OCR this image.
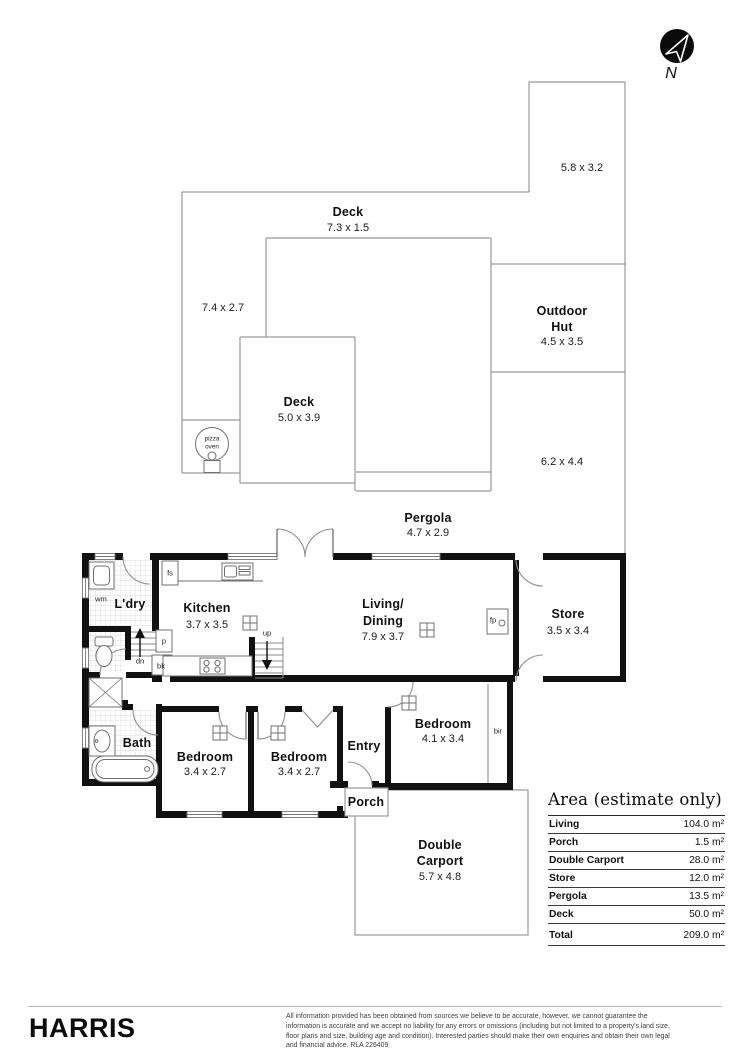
5.8 x 3.2
Deck
7.3 x 1.5
7.4 x 2.7	Outdoor
Hut
4.5 x 3.5
Deck
5.0 x 3.9
6.2 x 4.4
Pergola
4.7 x 2.9
pizza
oven
L'dry
wm
fs
Kitchen
3.7 x 3.5
p
bk
up
dn
Living/
Dining
7.9 x 3.7
fp	Store
3.5 x 3.4
Bath
Bedroom
3.4 x 2.7
Bedroom
3.4 x 2.7
Bedroom
4.1 x 3.4
bir
Entry
Porch
Double
Carport
5.7 x 4.8
N
Area (estimate only)
Living	104.0 m²
Porch	1.5 m²
Double Carport	28.0 m²
Store	12.0 m²
Pergola	13.5 m²
Deck	50.0 m²
Total	209.0 m²
HARRIS	All information provided has been obtained from sources we believe to be accurate, however, we cannot guarantee the
information is accurate and we accept no liability for any errors or omissions (including but not limited to a property's land size,
floor plans and size, building age and condition). Interested parties should make their own enquiries and obtain their own legal
and financial advice. RLA 226409
